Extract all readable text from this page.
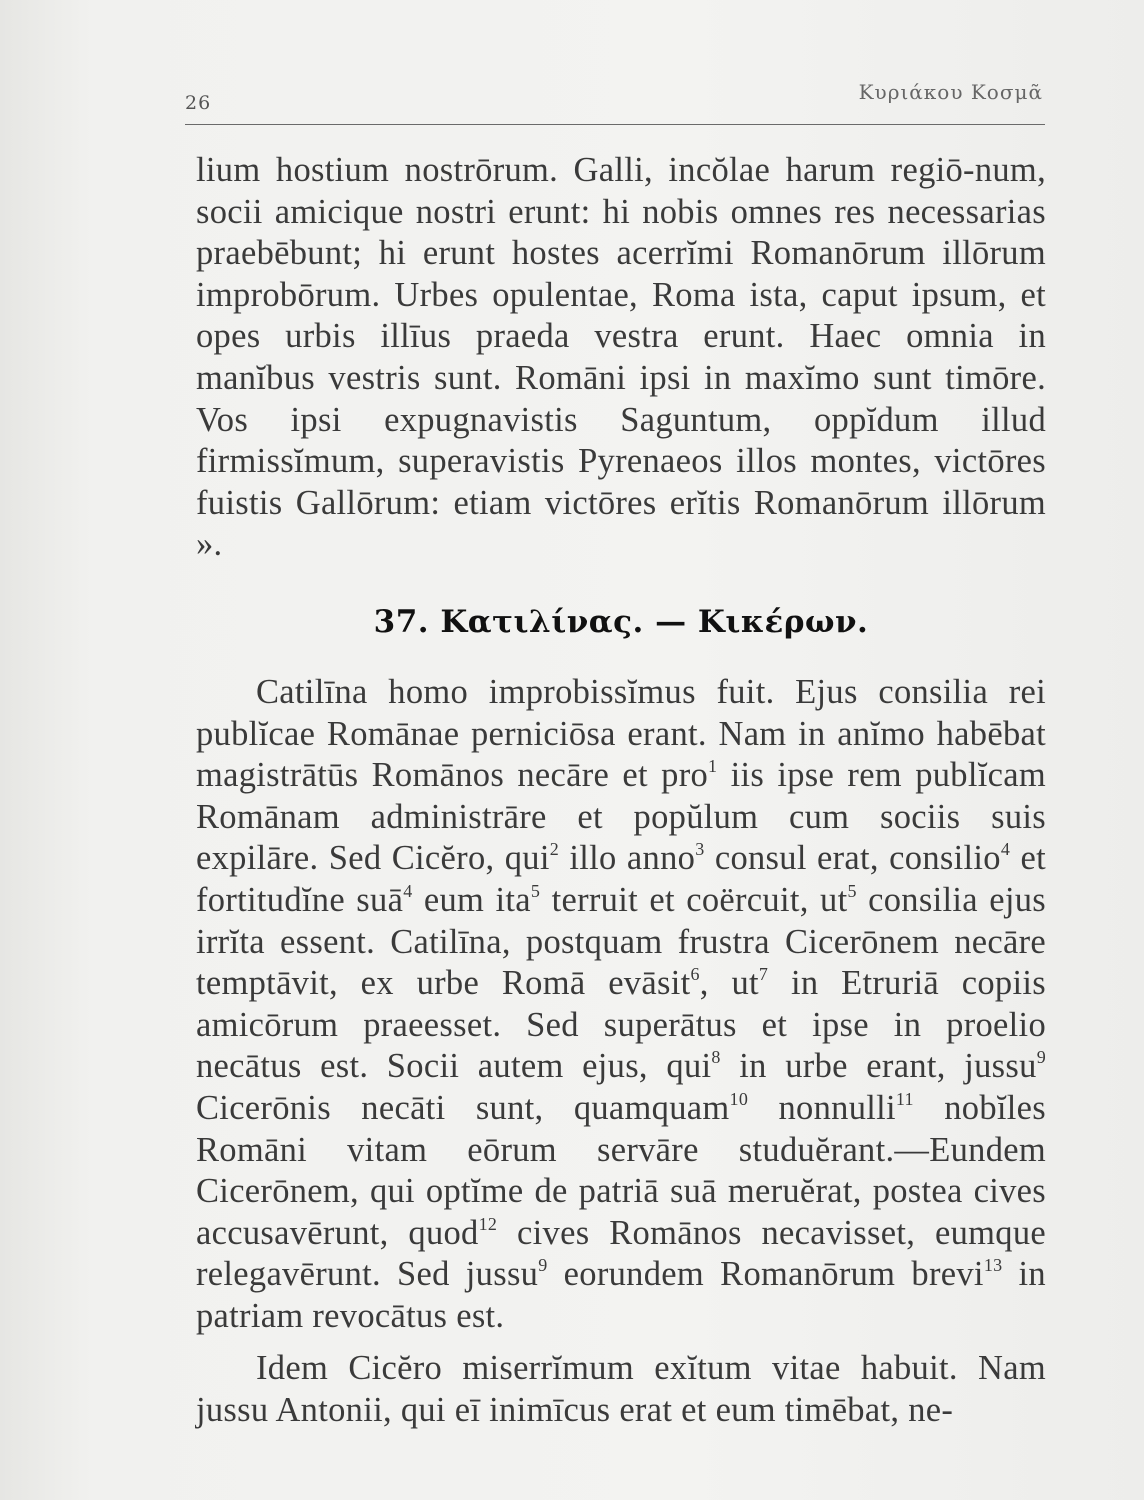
26	Κυριάκου Κοσμᾶ

lium hostium nostrōrum. Galli, incŏlae harum regiō-num, socii amicique nostri erunt: hi nobis omnes res necessarias praebēbunt; hi erunt hostes acerrĭmi Romanōrum illōrum improbōrum. Urbes opulentae, Roma ista, caput ipsum, et opes urbis illīus praeda vestra erunt. Haec omnia in manĭbus vestris sunt. Romāni ipsi in maxĭmo sunt timōre. Vos ipsi expugnavistis Saguntum, oppĭdum illud firmissĭmum, superavistis Pyrenaeos illos montes, victōres fuistis Gallōrum: etiam victōres erĭtis Romanōrum illōrum ».

37. Κατιλίνας. — Κικέρων.

Catilīna homo improbissĭmus fuit. Ejus consilia rei publĭcae Romānae perniciōsa erant. Nam in anĭmo habēbat magistrātūs Romānos necāre et pro$^1$ iis ipse rem publĭcam Romānam administrāre et popŭlum cum sociis suis expilāre. Sed Cicĕro, qui$^2$ illo anno$^3$ consul erat, consilio$^4$ et fortitudĭne suā$^4$ eum ita$^5$ terruit et coërcuit, $ut^5$ consilia ejus irrĭta essent. Catilīna, postquam frustra Cicerōnem necāre temptāvit, ex urbe Romā evāsit$^6$, $ut^7$ in Etruriā copiis amicōrum praeesset. Sed superātus et ipse in proelio necātus est. Socii autem ejus, qui$^8$ in urbe erant, jussu$^9$ Cicerōnis necāti sunt, quamquam$^{10}$ nonnulli$^{11}$ nobĭles Romāni vitam eōrum servāre studuĕrant.—Eundem Cicerōnem, qui optĭme de patriā suā meruĕrat, postea cives accusavērunt, quod$^{12}$ cives Romānos necavisset, eumque relegavērunt. Sed jussu$^9$ eorundem Romanōrum brevi$^{13}$ in patriam revocātus est.

Idem Cicĕro miserrĭmum exĭtum vitae habuit. Nam jussu Antonii, qui eī inimīcus erat et eum timēbat, ne-
